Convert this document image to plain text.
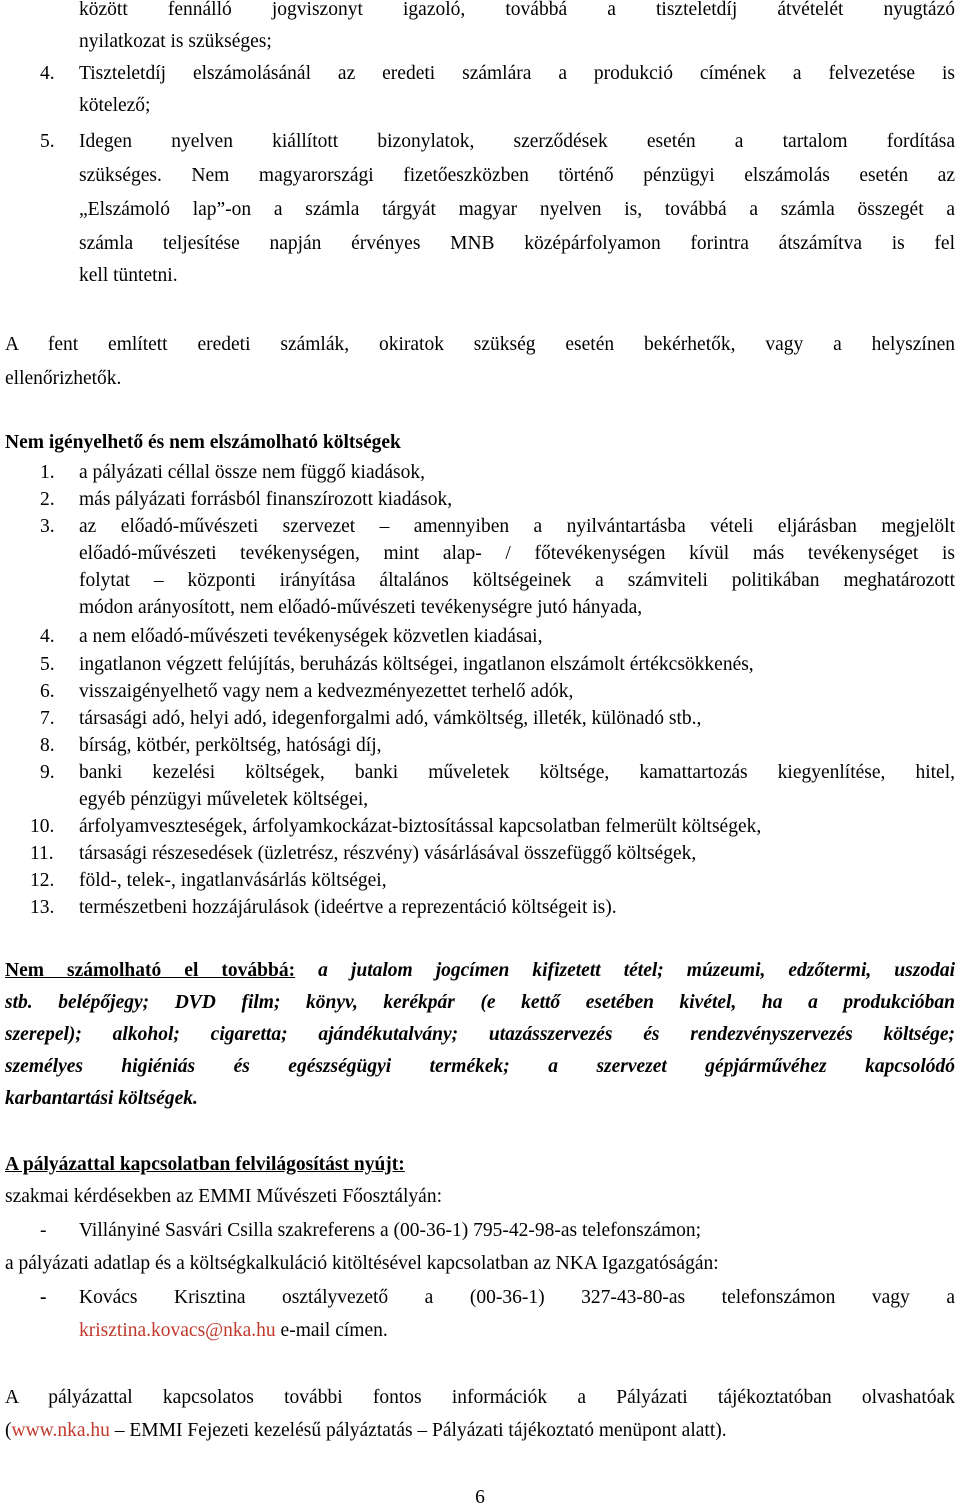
között fennálló jogviszonyt igazoló, továbbá a tiszteletdíj átvételét nyugtázó
nyilatkozat is szükséges;
4. Tiszteletdíj elszámolásánál az eredeti számlára a produkció címének a felvezetése is
kötelező;
5. Idegen nyelven kiállított bizonylatok, szerződések esetén a tartalom fordítása
szükséges. Nem magyarországi fizetőeszközben történő pénzügyi elszámolás esetén az
„Elszámoló lap”-on a számla tárgyát magyar nyelven is, továbbá a számla összegét a
számla teljesítése napján érvényes MNB középárfolyamon forintra átszámítva is fel
kell tüntetni.
A fent említett eredeti számlák, okiratok szükség esetén bekérhetők, vagy a helyszínen
ellenőrizhetők.
Nem igényelhető és nem elszámolható költségek
1. a pályázati céllal össze nem függő kiadások,
2. más pályázati forrásból finanszírozott kiadások,
3. az előadó-művészeti szervezet – amennyiben a nyilvántartásba vételi eljárásban megjelölt
előadó-művészeti tevékenységen, mint alap- / főtevékenységen kívül más tevékenységet is
folytat – központi irányítása általános költségeinek a számviteli politikában meghatározott
módon arányosított, nem előadó-művészeti tevékenységre jutó hányada,
4. a nem előadó-művészeti tevékenységek közvetlen kiadásai,
5. ingatlanon végzett felújítás, beruházás költségei, ingatlanon elszámolt értékcsökkenés,
6. visszaigényelhető vagy nem a kedvezményezettet terhelő adók,
7. társasági adó, helyi adó, idegenforgalmi adó, vámköltség, illeték, különadó stb.,
8. bírság, kötbér, perköltség, hatósági díj,
9. banki kezelési költségek, banki műveletek költsége, kamattartozás kiegyenlítése, hitel,
egyéb pénzügyi műveletek költségei,
10. árfolyamveszteségek, árfolyamkockázat-biztosítással kapcsolatban felmerült költségek,
11. társasági részesedések (üzletrész, részvény) vásárlásával összefüggő költségek,
12. föld-, telek-, ingatlanvásárlás költségei,
13. természetbeni hozzájárulások (ideértve a reprezentáció költségeit is).
Nem számolható el továbbá: a jutalom jogcímen kifizetett tétel; múzeumi, edzőtermi, uszodai
stb. belépőjegy; DVD film; könyv, kerékpár (e kettő esetében kivétel, ha a produkcióban
szerepel); alkohol; cigaretta; ajándékutalvány; utazásszervezés és rendezvényszervezés költsége;
személyes higiéniás és egészségügyi termékek; a szervezet gépjárművéhez kapcsolódó
karbantartási költségek.
A pályázattal kapcsolatban felvilágosítást nyújt:
szakmai kérdésekben az EMMI Művészeti Főosztályán:
- Villányiné Sasvári Csilla szakreferens a (00-36-1) 795-42-98-as telefonszámon;
a pályázati adatlap és a költségkalkuláció kitöltésével kapcsolatban az NKA Igazgatóságán:
- Kovács Krisztina osztályvezető a (00-36-1) 327-43-80-as telefonszámon vagy a
krisztina.kovacs@nka.hu e-mail címen.
A pályázattal kapcsolatos további fontos információk a Pályázati tájékoztatóban olvashatóak
(www.nka.hu – EMMI Fejezeti kezelésű pályáztatás – Pályázati tájékoztató menüpont alatt).
6
